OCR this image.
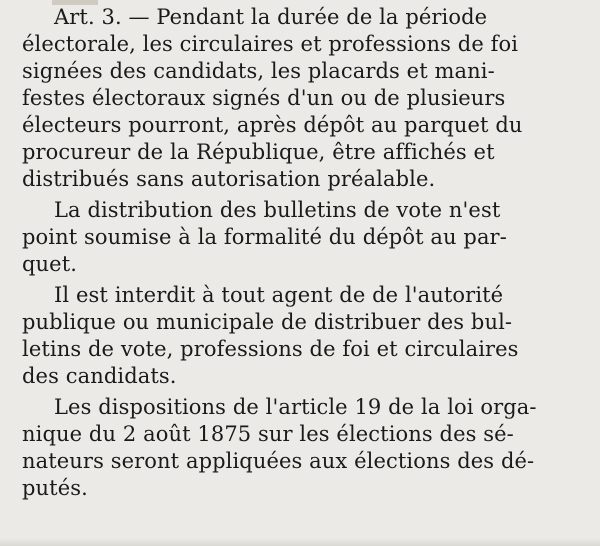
Art. 3. — Pendant la durée de la période
électorale, les circulaires et professions de foi
signées des candidats, les placards et mani-
festes électoraux signés d'un ou de plusieurs
électeurs pourront, après dépôt au parquet du
procureur de la République, être affichés et
distribués sans autorisation préalable.
La distribution des bulletins de vote n'est
point soumise à la formalité du dépôt au par-
quet.
Il est interdit à tout agent de de l'autorité
publique ou municipale de distribuer des bul-
letins de vote, professions de foi et circulaires
des candidats.
Les dispositions de l'article 19 de la loi orga-
nique du 2 août 1875 sur les élections des sé-
nateurs seront appliquées aux élections des dé-
putés.
